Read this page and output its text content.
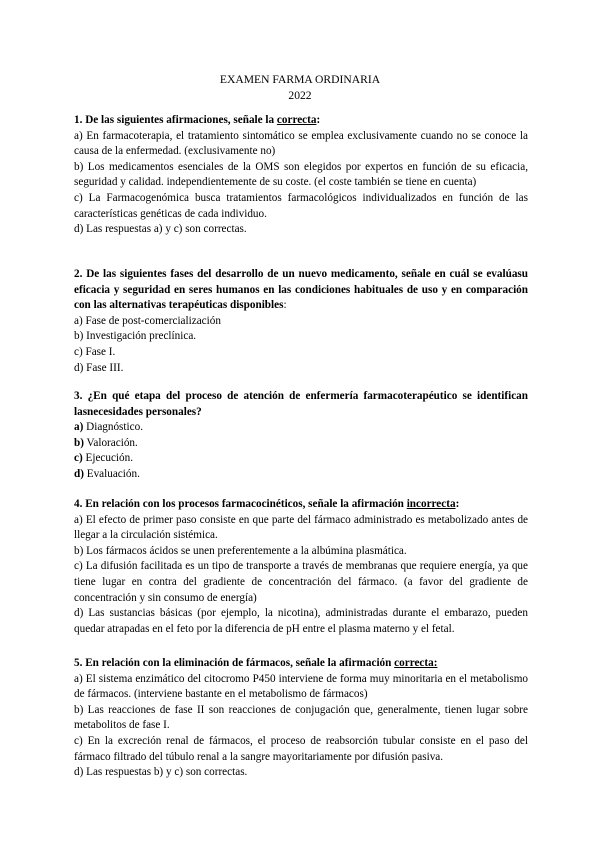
EXAMEN FARMA ORDINARIA
2022

1. De las siguientes afirmaciones, señale la correcta:

a) En farmacoterapia, el tratamiento sintomático se emplea exclusivamente cuando no se conoce la causa de la enfermedad. (exclusivamente no)

b) Los medicamentos esenciales de la OMS son elegidos por expertos en función de su eficacia, seguridad y calidad. independientemente de su coste. (el coste también se tiene en cuenta)

c) La Farmacogenómica busca tratamientos farmacológicos individualizados en función de las características genéticas de cada individuo.

d) Las respuestas a) y c) son correctas.

2. De las siguientes fases del desarrollo de un nuevo medicamento, señale en cuál se evalúasu eficacia y seguridad en seres humanos en las condiciones habituales de uso y en comparación con las alternativas terapéuticas disponibles:

a) Fase de post-comercialización

b) Investigación preclínica.

c) Fase I.

d) Fase III.

3. ¿En qué etapa del proceso de atención de enfermería farmacoterapéutico se identifican lasnecesidades personales?

a) Diagnóstico.

b) Valoración.

c) Ejecución.

d) Evaluación.

4. En relación con los procesos farmacocinéticos, señale la afirmación incorrecta:

a) El efecto de primer paso consiste en que parte del fármaco administrado es metabolizado antes de llegar a la circulación sistémica.

b) Los fármacos ácidos se unen preferentemente a la albúmina plasmática.

c) La difusión facilitada es un tipo de transporte a través de membranas que requiere energía, ya que tiene lugar en contra del gradiente de concentración del fármaco. (a favor del gradiente de concentración y sin consumo de energía)

d) Las sustancias básicas (por ejemplo, la nicotina), administradas durante el embarazo, pueden quedar atrapadas en el feto por la diferencia de pH entre el plasma materno y el fetal.

5. En relación con la eliminación de fármacos, señale la afirmación correcta:

a) El sistema enzimático del citocromo P450 interviene de forma muy minoritaria en el metabolismo de fármacos. (interviene bastante en el metabolismo de fármacos)

b) Las reacciones de fase II son reacciones de conjugación que, generalmente, tienen lugar sobre metabolitos de fase I.

c) En la excreción renal de fármacos, el proceso de reabsorción tubular consiste en el paso del fármaco filtrado del túbulo renal a la sangre mayoritariamente por difusión pasiva.

d) Las respuestas b) y c) son correctas.
